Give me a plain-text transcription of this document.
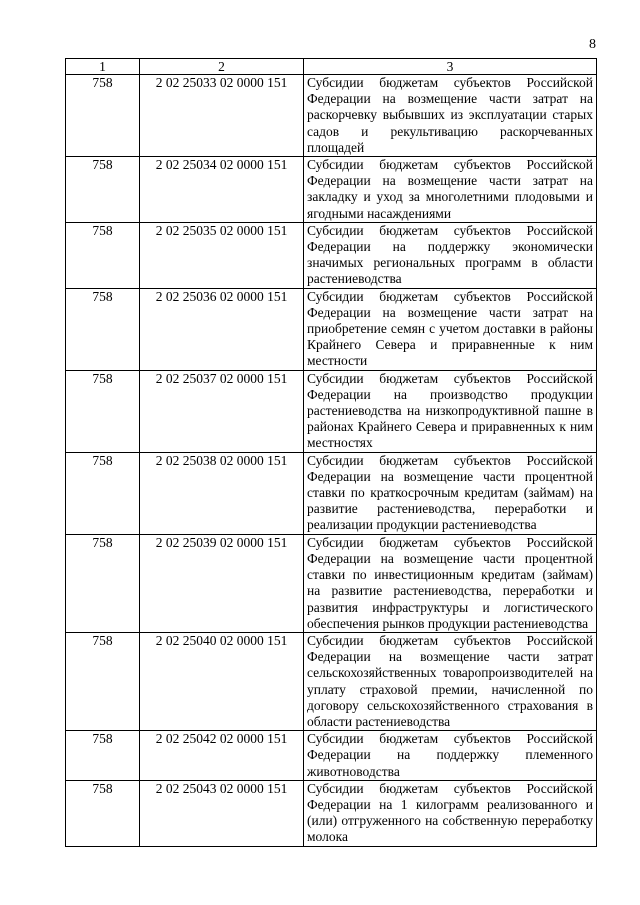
8
1	2	3
758	2 02 25033 02 0000 151	Субсидии бюджетам субъектов Российской Федерации на возмещение части затрат на раскорчевку выбывших из эксплуатации старых садов и рекультивацию раскорчеванных площадей
758	2 02 25034 02 0000 151	Субсидии бюджетам субъектов Российской Федерации на возмещение части затрат на закладку и уход за многолетними плодовыми и ягодными насаждениями
758	2 02 25035 02 0000 151	Субсидии бюджетам субъектов Российской Федерации на поддержку экономически значимых региональных программ в области растениеводства
758	2 02 25036 02 0000 151	Субсидии бюджетам субъектов Российской Федерации на возмещение части затрат на приобретение семян с учетом доставки в районы Крайнего Севера и приравненные к ним местности
758	2 02 25037 02 0000 151	Субсидии бюджетам субъектов Российской Федерации на производство продукции растениеводства на низкопродуктивной пашне в районах Крайнего Севера и приравненных к ним местностях
758	2 02 25038 02 0000 151	Субсидии бюджетам субъектов Российской Федерации на возмещение части процентной ставки по краткосрочным кредитам (займам) на развитие растениеводства, переработки и реализации продукции растениеводства
758	2 02 25039 02 0000 151	Субсидии бюджетам субъектов Российской Федерации на возмещение части процентной ставки по инвестиционным кредитам (займам) на развитие растениеводства, переработки и развития инфраструктуры и логистического обеспечения рынков продукции растениеводства
758	2 02 25040 02 0000 151	Субсидии бюджетам субъектов Российской Федерации на возмещение части затрат сельскохозяйственных товаропроизводителей на уплату страховой премии, начисленной по договору сельскохозяйственного страхования в области растениеводства
758	2 02 25042 02 0000 151	Субсидии бюджетам субъектов Российской Федерации на поддержку племенного животноводства
758	2 02 25043 02 0000 151	Субсидии бюджетам субъектов Российской Федерации на 1 килограмм реализованного и (или) отгруженного на собственную переработку молока
